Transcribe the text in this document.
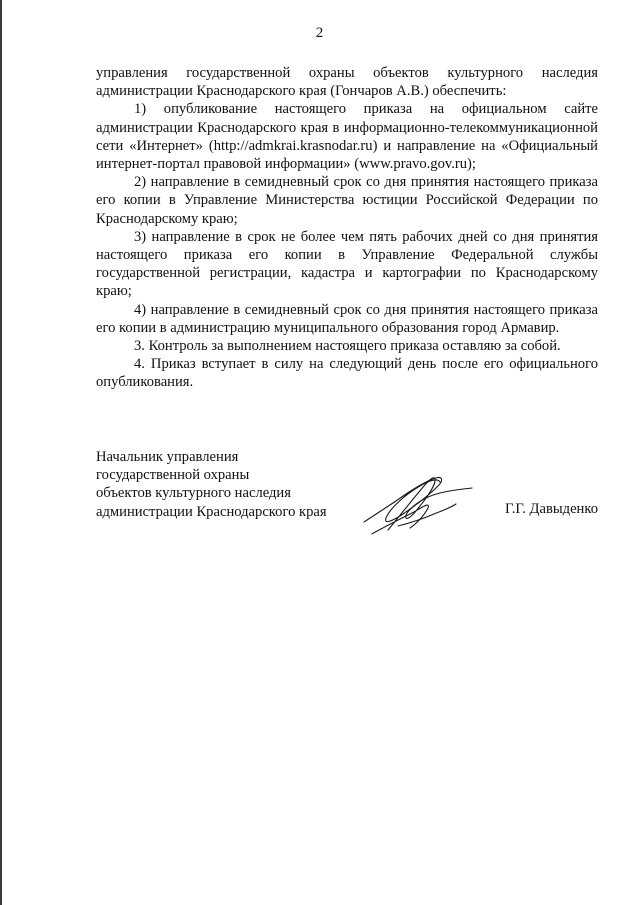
2

управления государственной охраны объектов культурного наследия администрации Краснодарского края (Гончаров А.В.) обеспечить:

1) опубликование настоящего приказа на официальном сайте администрации Краснодарского края в информационно-телекоммуникационной сети «Интернет» (http://admkrai.krasnodar.ru) и направление на «Официальный интернет-портал правовой информации» (www.pravo.gov.ru);

2) направление в семидневный срок со дня принятия настоящего приказа его копии в Управление Министерства юстиции Российской Федерации по Краснодарскому краю;

3) направление в срок не более чем пять рабочих дней со дня принятия настоящего приказа его копии в Управление Федеральной службы государственной регистрации, кадастра и картографии по Краснодарскому краю;

4) направление в семидневный срок со дня принятия настоящего приказа его копии в администрацию муниципального образования город Армавир.

3. Контроль за выполнением настоящего приказа оставляю за собой.

4. Приказ вступает в силу на следующий день после его официального опубликования.

Начальник управления
государственной охраны
объектов культурного наследия
администрации Краснодарского края	Г.Г. Давыденко
